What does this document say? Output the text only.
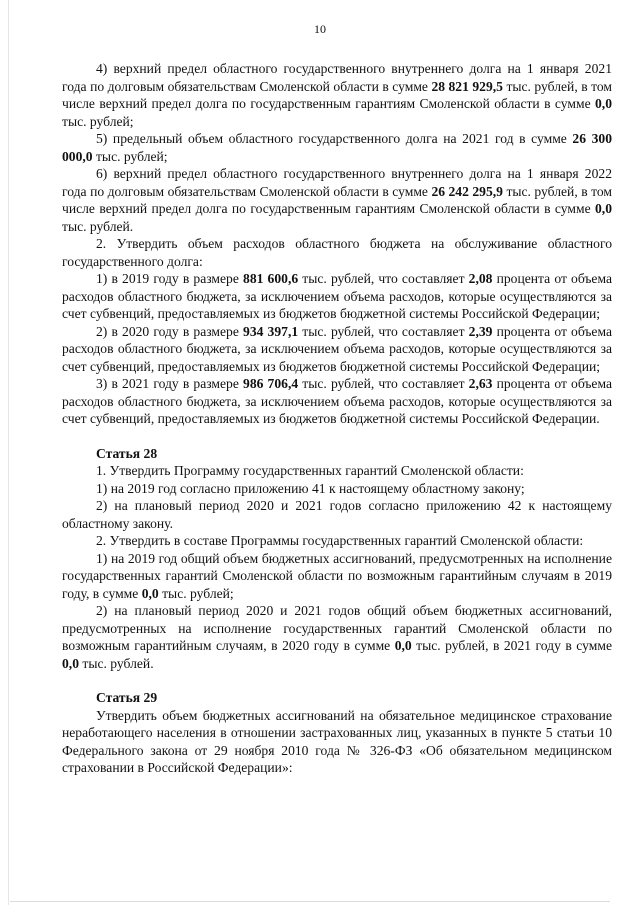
10

4) верхний предел областного государственного внутреннего долга на 1 января 2021 года по долговым обязательствам Смоленской области в сумме 28 821 929,5 тыс. рублей, в том числе верхний предел долга по государственным гарантиям Смоленской области в сумме 0,0 тыс. рублей;

5) предельный объем областного государственного долга на 2021 год в сумме 26 300 000,0 тыс. рублей;

6) верхний предел областного государственного внутреннего долга на 1 января 2022 года по долговым обязательствам Смоленской области в сумме 26 242 295,9 тыс. рублей, в том числе верхний предел долга по государственным гарантиям Смоленской области в сумме 0,0 тыс. рублей.

2. Утвердить объем расходов областного бюджета на обслуживание областного государственного долга:

1) в 2019 году в размере 881 600,6 тыс. рублей, что составляет 2,08 процента от объема расходов областного бюджета, за исключением объема расходов, которые осуществляются за счет субвенций, предоставляемых из бюджетов бюджетной системы Российской Федерации;

2) в 2020 году в размере 934 397,1 тыс. рублей, что составляет 2,39 процента от объема расходов областного бюджета, за исключением объема расходов, которые осуществляются за счет субвенций, предоставляемых из бюджетов бюджетной системы Российской Федерации;

3) в 2021 году в размере 986 706,4 тыс. рублей, что составляет 2,63 процента от объема расходов областного бюджета, за исключением объема расходов, которые осуществляются за счет субвенций, предоставляемых из бюджетов бюджетной системы Российской Федерации.

Статья 28

1. Утвердить Программу государственных гарантий Смоленской области:

1) на 2019 год согласно приложению 41 к настоящему областному закону;

2) на плановый период 2020 и 2021 годов согласно приложению 42 к настоящему областному закону.

2. Утвердить в составе Программы государственных гарантий Смоленской области:

1) на 2019 год общий объем бюджетных ассигнований, предусмотренных на исполнение государственных гарантий Смоленской области по возможным гарантийным случаям в 2019 году, в сумме 0,0 тыс. рублей;

2) на плановый период 2020 и 2021 годов общий объем бюджетных ассигнований, предусмотренных на исполнение государственных гарантий Смоленской области по возможным гарантийным случаям, в 2020 году в сумме 0,0 тыс. рублей, в 2021 году в сумме 0,0 тыс. рублей.

Статья 29

Утвердить объем бюджетных ассигнований на обязательное медицинское страхование неработающего населения в отношении застрахованных лиц, указанных в пункте 5 статьи 10 Федерального закона от 29 ноября 2010 года № 326-ФЗ «Об обязательном медицинском страховании в Российской Федерации»:
